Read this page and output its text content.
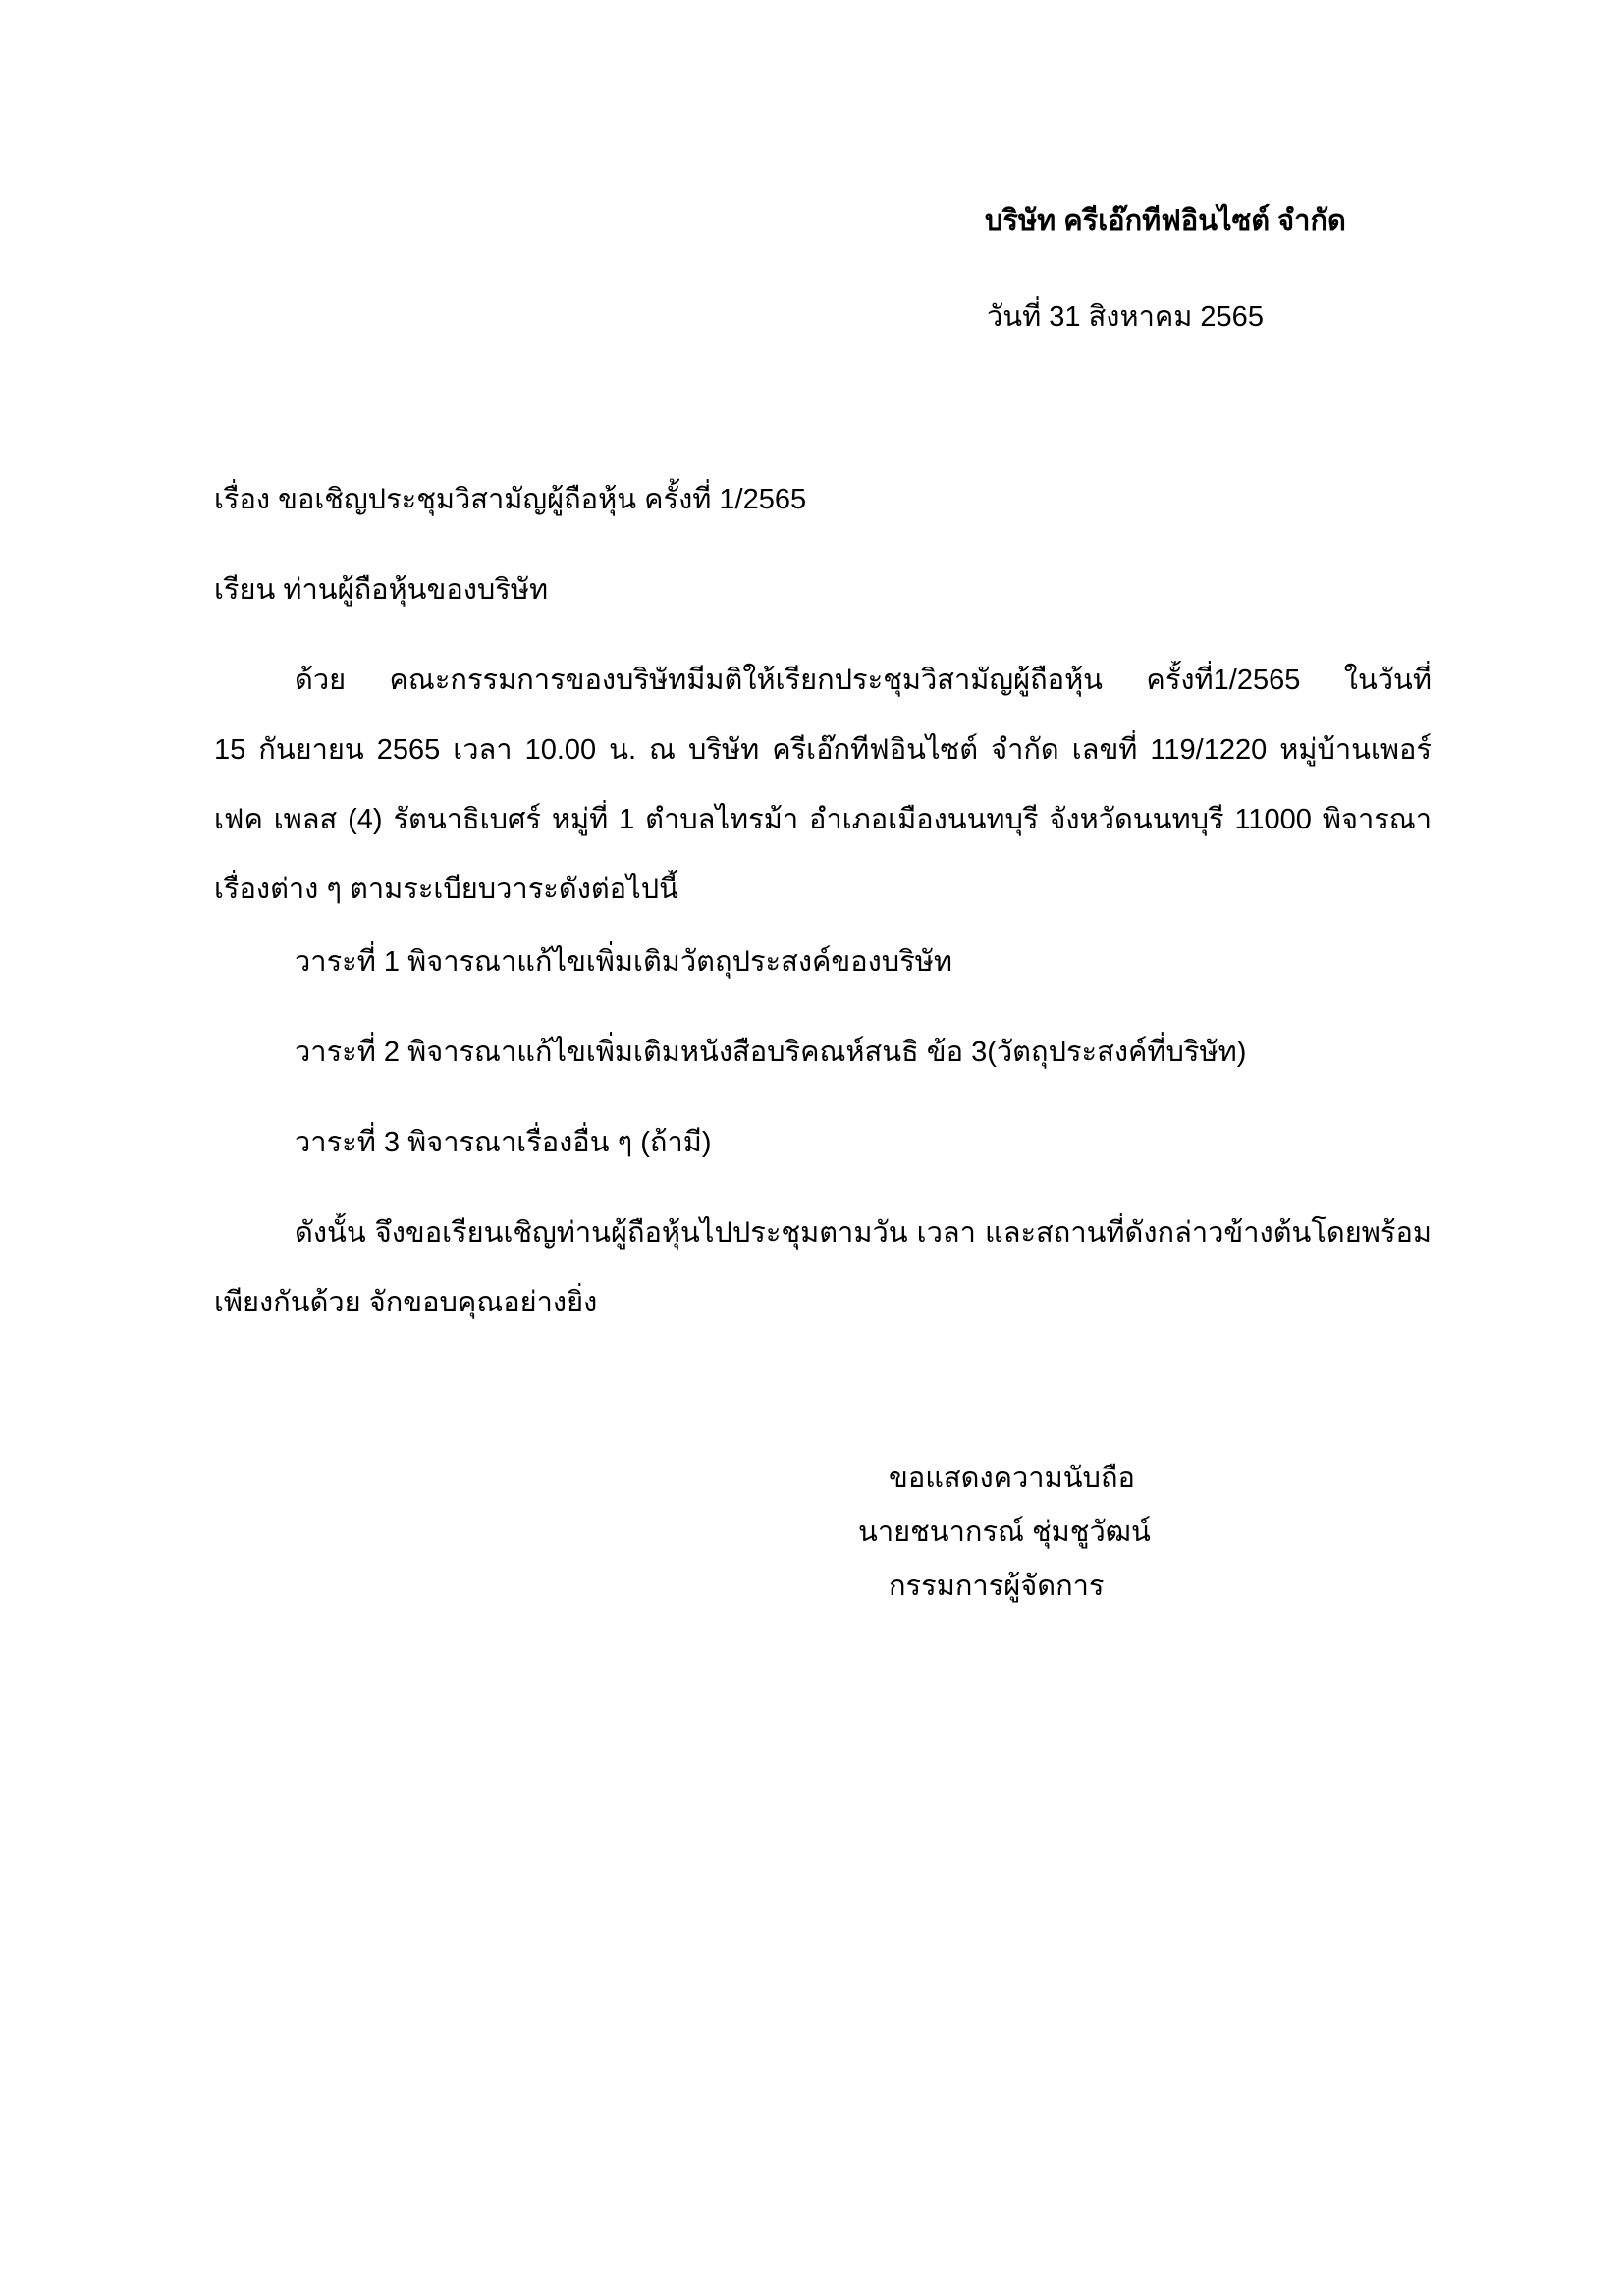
บริษัท ครีเอ๊กทีฟอินไซต์ จำกัด
วันที่ 31 สิงหาคม 2565
เรื่อง ขอเชิญประชุมวิสามัญผู้ถือหุ้น ครั้งที่ 1/2565
เรียน ท่านผู้ถือหุ้นของบริษัท
ด้วย คณะกรรมการของบริษัทมีมติให้เรียกประชุมวิสามัญผู้ถือหุ้น ครั้งที่1/2565 ในวันที่
15 กันยายน 2565 เวลา 10.00 น. ณ บริษัท ครีเอ๊กทีฟอินไซต์ จำกัด เลขที่ 119/1220 หมู่บ้านเพอร์
เฟค เพลส (4) รัตนาธิเบศร์ หมู่ที่ 1 ตำบลไทรม้า อำเภอเมืองนนทบุรี จังหวัดนนทบุรี 11000 พิจารณา
เรื่องต่าง ๆ ตามระเบียบวาระดังต่อไปนี้
วาระที่ 1 พิจารณาแก้ไขเพิ่มเติมวัตถุประสงค์ของบริษัท
วาระที่ 2 พิจารณาแก้ไขเพิ่มเติมหนังสือบริคณห์สนธิ ข้อ 3(วัตถุประสงค์ที่บริษัท)
วาระที่ 3 พิจารณาเรื่องอื่น ๆ (ถ้ามี)
ดังนั้น จึงขอเรียนเชิญท่านผู้ถือหุ้นไปประชุมตามวัน เวลา และสถานที่ดังกล่าวข้างต้นโดยพร้อม
เพียงกันด้วย จักขอบคุณอย่างยิ่ง
ขอแสดงความนับถือ
นายชนากรณ์ ชุ่มชูวัฒน์
กรรมการผู้จัดการ
